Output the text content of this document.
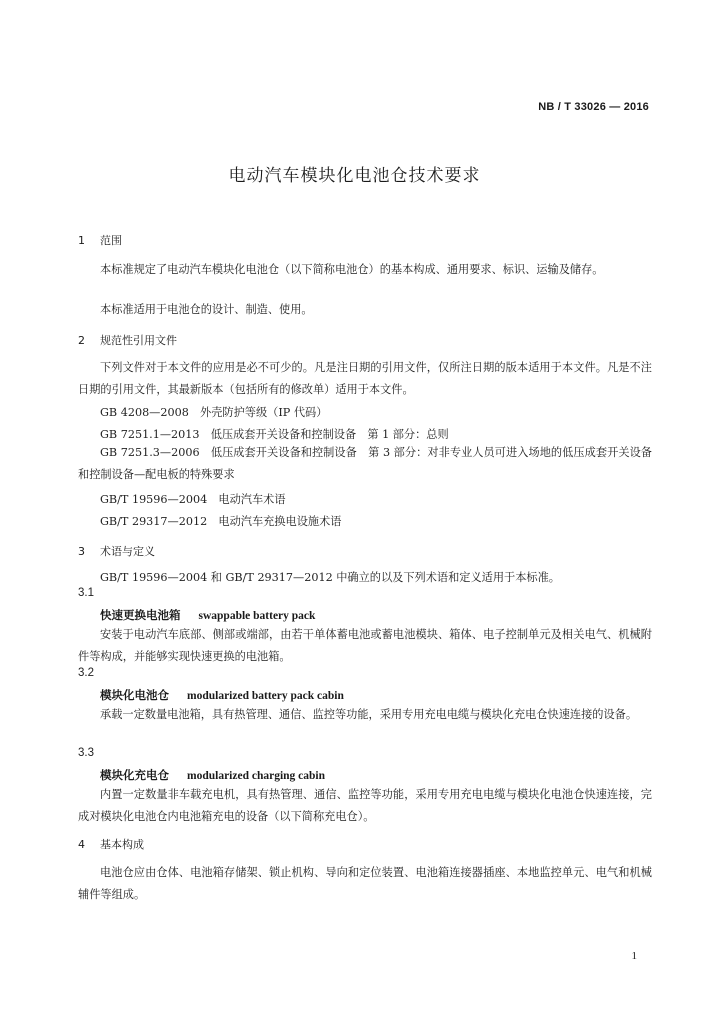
NB / T 33026 — 2016
电动汽车模块化电池仓技术要求
1 范围
本标准规定了电动汽车模块化电池仓（以下简称电池仓）的基本构成、通用要求、标识、运输及储存。
本标准适用于电池仓的设计、制造、使用。
2 规范性引用文件
下列文件对于本文件的应用是必不可少的。凡是注日期的引用文件，仅所注日期的版本适用于本文件。凡是不注日期的引用文件，其最新版本（包括所有的修改单）适用于本文件。
GB 4208—2008　外壳防护等级（IP 代码）
GB 7251.1—2013　低压成套开关设备和控制设备　第 1 部分：总则
GB 7251.3—2006　低压成套开关设备和控制设备　第 3 部分：对非专业人员可进入场地的低压成套开关设备和控制设备—配电板的特殊要求
GB/T 19596—2004　电动汽车术语
GB/T 29317—2012　电动汽车充换电设施术语
3 术语与定义
GB/T 19596—2004 和 GB/T 29317—2012 中确立的以及下列术语和定义适用于本标准。
3.1
快速更换电池箱 swappable battery pack
安装于电动汽车底部、侧部或端部，由若干单体蓄电池或蓄电池模块、箱体、电子控制单元及相关电气、机械附件等构成，并能够实现快速更换的电池箱。
3.2
模块化电池仓 modularized battery pack cabin
承载一定数量电池箱，具有热管理、通信、监控等功能，采用专用充电电缆与模块化充电仓快速连接的设备。
3.3
模块化充电仓 modularized charging cabin
内置一定数量非车载充电机，具有热管理、通信、监控等功能，采用专用充电电缆与模块化电池仓快速连接，完成对模块化电池仓内电池箱充电的设备（以下简称充电仓）。
4 基本构成
电池仓应由仓体、电池箱存储架、锁止机构、导向和定位装置、电池箱连接器插座、本地监控单元、电气和机械辅件等组成。
1
